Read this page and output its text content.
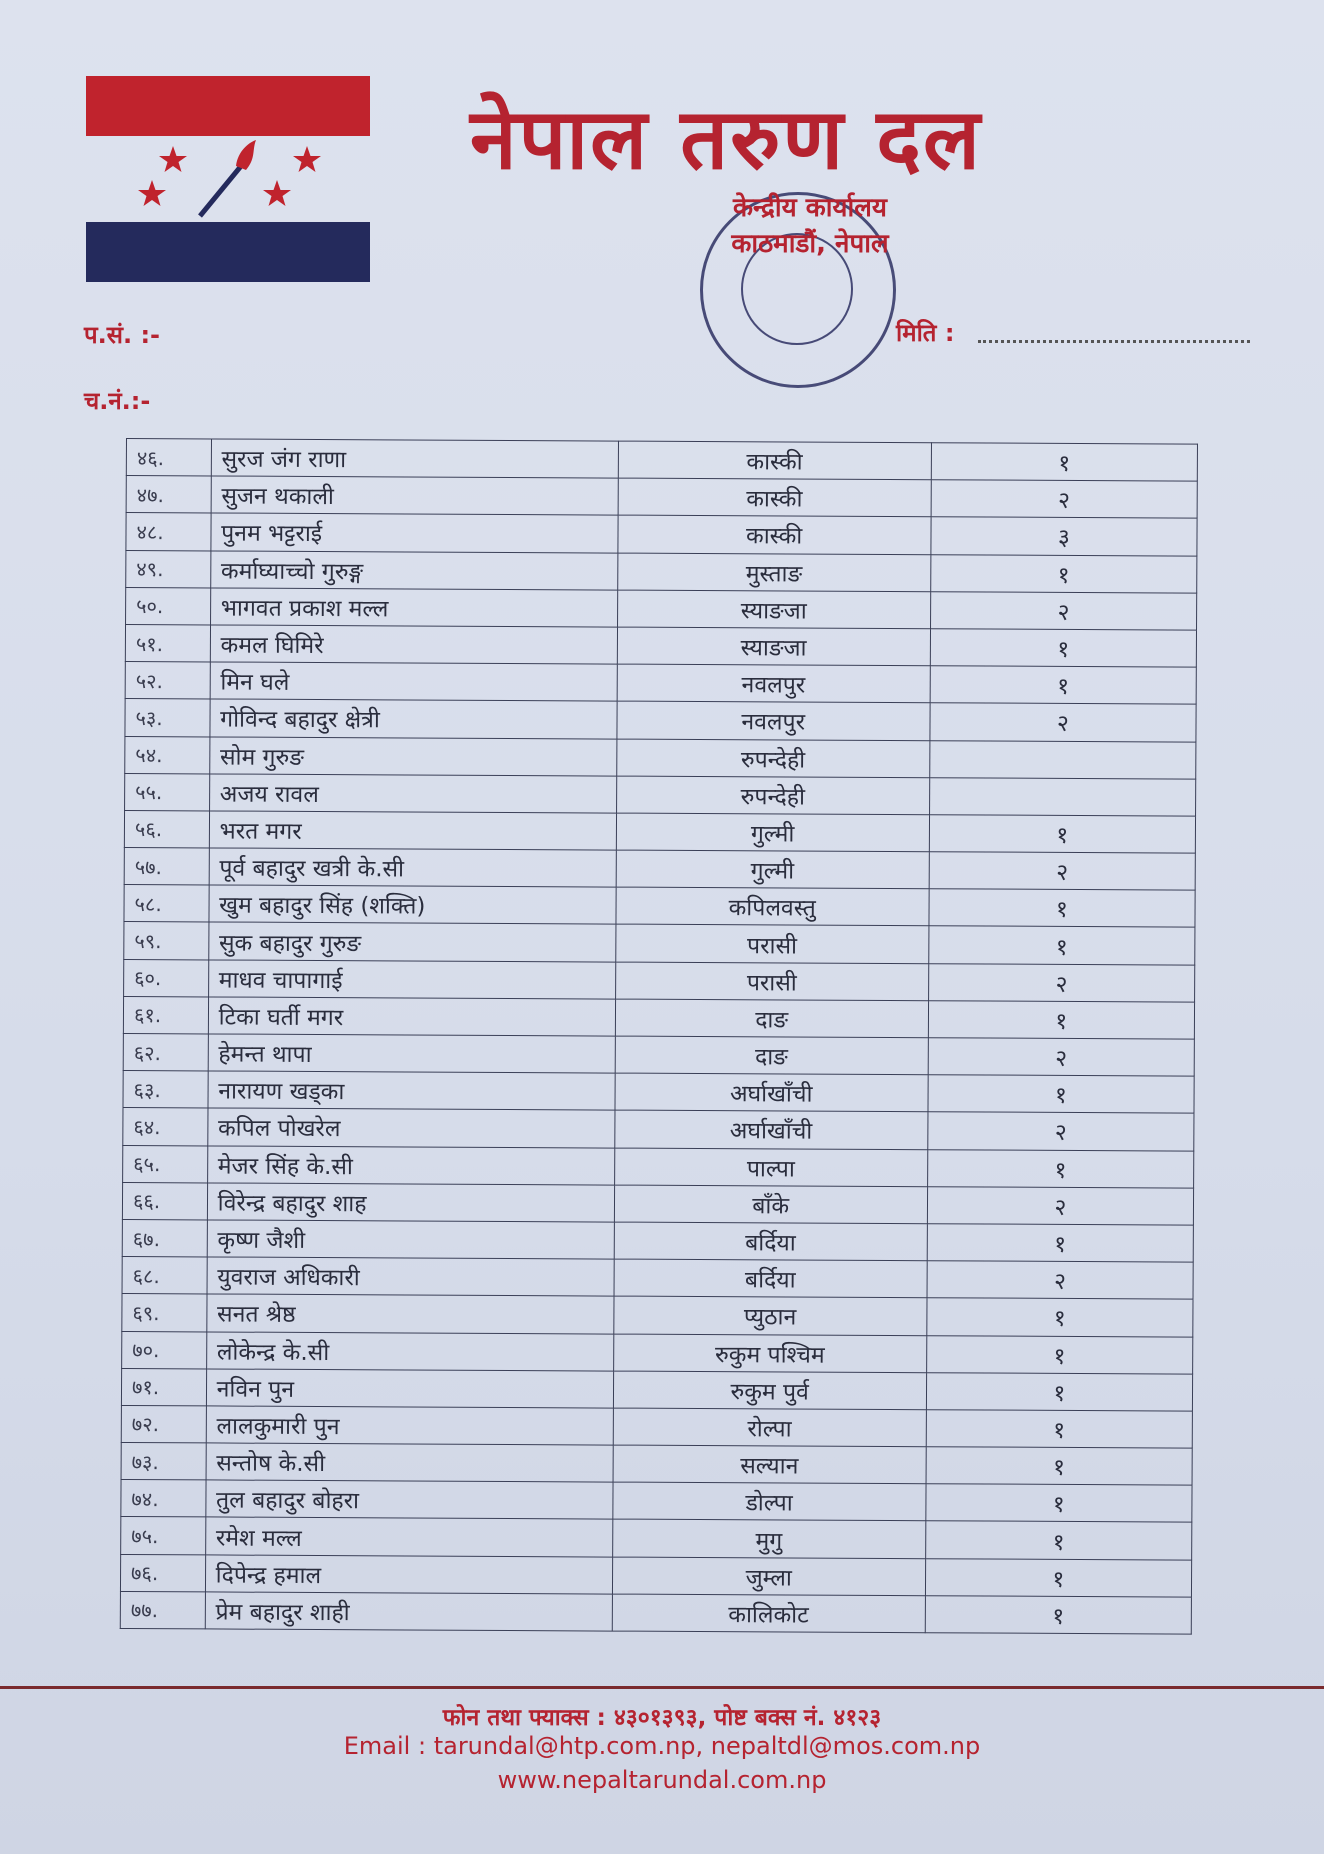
नेपाल तरुण दल
केन्द्रीय कार्यालय
काठमाडौं, नेपाल
प.सं. :-
च.नं.:-
मिति :
४६.	सुरज जंग राणा	कास्की	१
४७.	सुजन थकाली	कास्की	२
४८.	पुनम भट्टराई	कास्की	३
४९.	कर्माघ्याच्चो गुरुङ्ग	मुस्ताङ	१
५०.	भागवत प्रकाश मल्ल	स्याङजा	२
५१.	कमल घिमिरे	स्याङजा	१
५२.	मिन घले	नवलपुर	१
५३.	गोविन्द बहादुर क्षेत्री	नवलपुर	२
५४.	सोम गुरुङ	रुपन्देही	
५५.	अजय रावल	रुपन्देही	
५६.	भरत मगर	गुल्मी	१
५७.	पूर्व बहादुर खत्री के.सी	गुल्मी	२
५८.	खुम बहादुर सिंह (शक्ति)	कपिलवस्तु	१
५९.	सुक बहादुर गुरुङ	परासी	१
६०.	माधव चापागाई	परासी	२
६१.	टिका घर्ती मगर	दाङ	१
६२.	हेमन्त थापा	दाङ	२
६३.	नारायण खड्का	अर्घाखाँची	१
६४.	कपिल पोखरेल	अर्घाखाँची	२
६५.	मेजर सिंह के.सी	पाल्पा	१
६६.	विरेन्द्र बहादुर शाह	बाँके	२
६७.	कृष्ण जैशी	बर्दिया	१
६८.	युवराज अधिकारी	बर्दिया	२
६९.	सनत श्रेष्ठ	प्युठान	१
७०.	लोकेन्द्र के.सी	रुकुम पश्चिम	१
७१.	नविन पुन	रुकुम पुर्व	१
७२.	लालकुमारी पुन	रोल्पा	१
७३.	सन्तोष के.सी	सल्यान	१
७४.	तुल बहादुर बोहरा	डोल्पा	१
७५.	रमेश मल्ल	मुगु	१
७६.	दिपेन्द्र हमाल	जुम्ला	१
७७.	प्रेम बहादुर शाही	कालिकोट	१
फोन तथा फ्याक्स : ४३०१३९३, पोष्ट बक्स नं. ४१२३
Email : tarundal@htp.com.np, nepaltdl@mos.com.np
www.nepaltarundal.com.np
